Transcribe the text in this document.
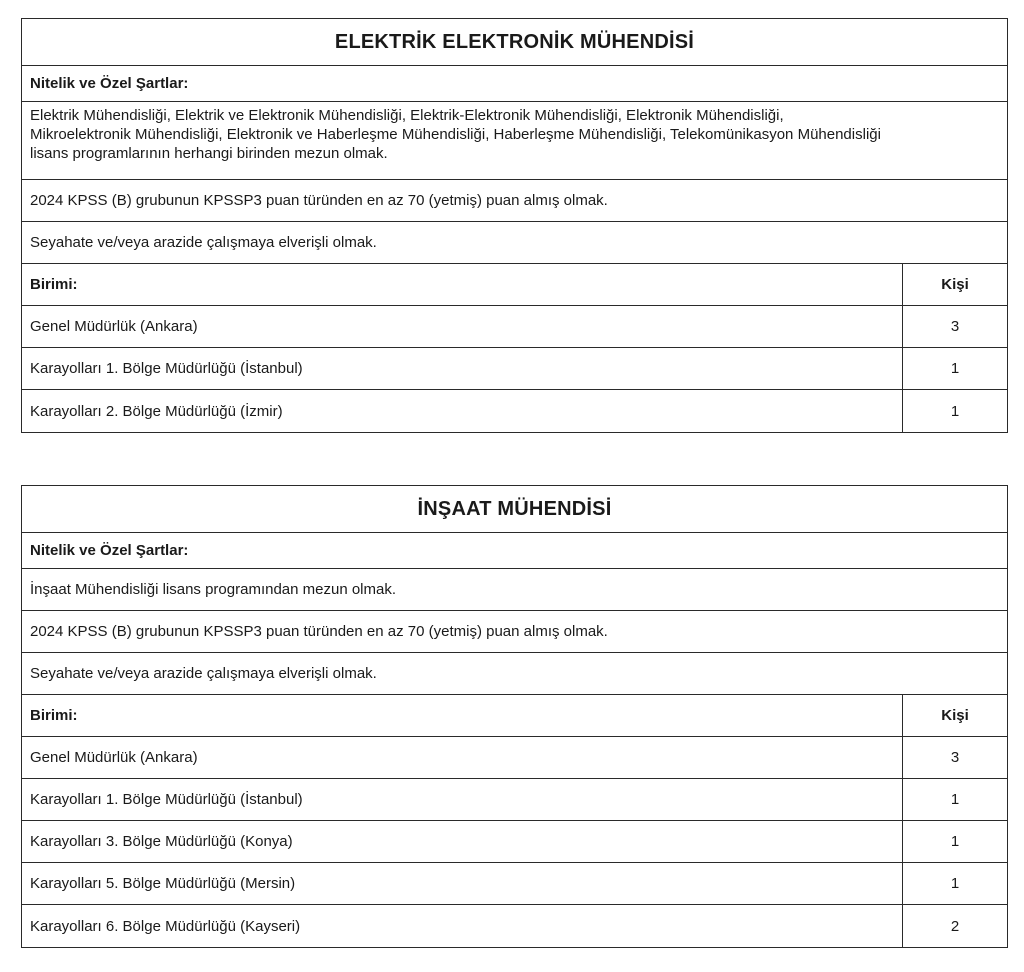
ELEKTRİK ELEKTRONİK MÜHENDİSİ
Nitelik ve Özel Şartlar:
Elektrik Mühendisliği, Elektrik ve Elektronik Mühendisliği, Elektrik-Elektronik Mühendisliği, Elektronik Mühendisliği,
Mikroelektronik Mühendisliği, Elektronik ve Haberleşme Mühendisliği, Haberleşme Mühendisliği, Telekomünikasyon Mühendisliği
lisans programlarının herhangi birinden mezun olmak.
2024 KPSS (B) grubunun KPSSP3 puan türünden en az 70 (yetmiş) puan almış olmak.
Seyahate ve/veya arazide çalışmaya elverişli olmak.
Birimi:	Kişi
Genel Müdürlük (Ankara)	3
Karayolları 1. Bölge Müdürlüğü (İstanbul)	1
Karayolları 2. Bölge Müdürlüğü (İzmir)	1
İNŞAAT MÜHENDİSİ
Nitelik ve Özel Şartlar:
İnşaat Mühendisliği lisans programından mezun olmak.
2024 KPSS (B) grubunun KPSSP3 puan türünden en az 70 (yetmiş) puan almış olmak.
Seyahate ve/veya arazide çalışmaya elverişli olmak.
Birimi:	Kişi
Genel Müdürlük (Ankara)	3
Karayolları 1. Bölge Müdürlüğü (İstanbul)	1
Karayolları 3. Bölge Müdürlüğü (Konya)	1
Karayolları 5. Bölge Müdürlüğü (Mersin)	1
Karayolları 6. Bölge Müdürlüğü (Kayseri)	2
